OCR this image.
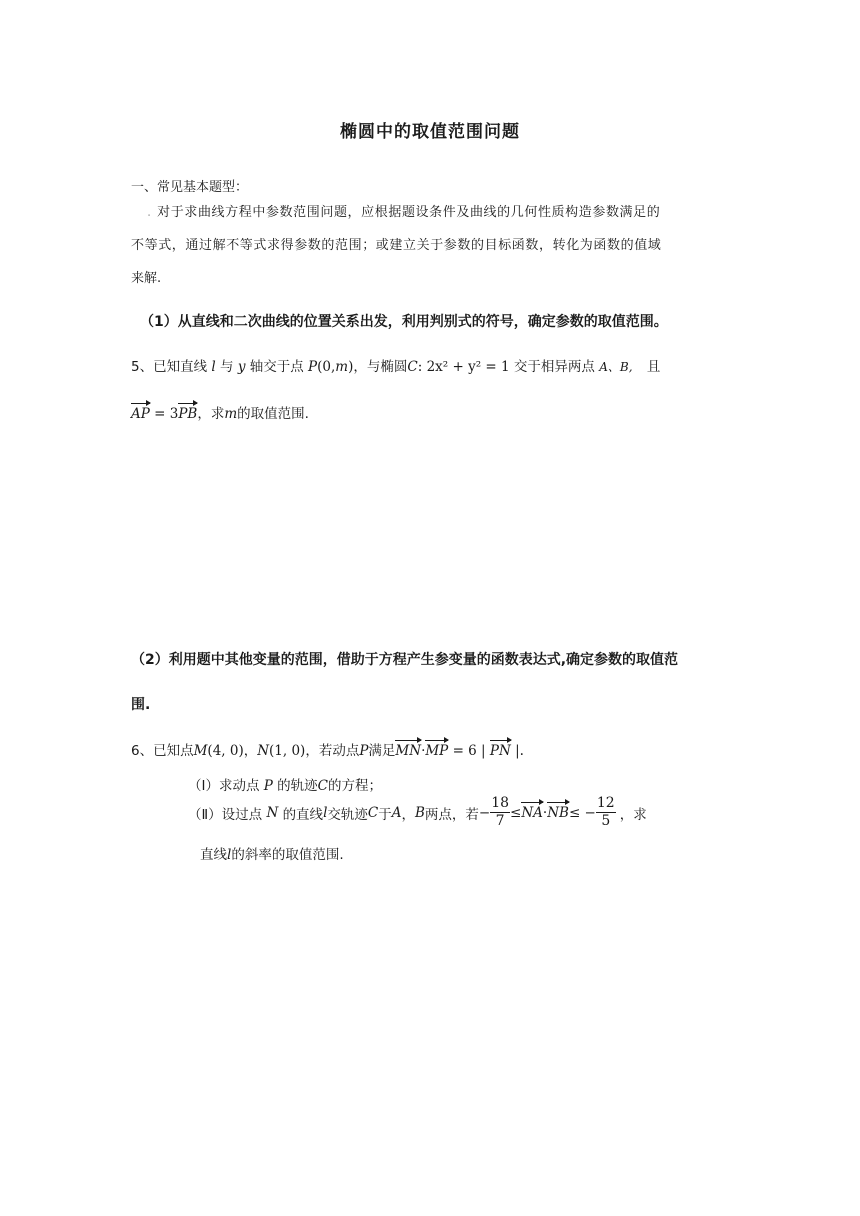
椭圆中的取值范围问题
一、常见基本题型：
. 对于求曲线方程中参数范围问题，应根据题设条件及曲线的几何性质构造参数满足的
不等式，通过解不等式求得参数的范围；或建立关于参数的目标函数，转化为函数的值域
来解.
（1）从直线和二次曲线的位置关系出发，利用判别式的符号，确定参数的取值范围。
5、已知直线 l 与 y 轴交于点 P(0,m)，与椭圆C: 2x² + y² = 1 交于相异两点 A、B, 且
AP = 3PB，求m的取值范围.
（2）利用题中其他变量的范围，借助于方程产生参变量的函数表达式,确定参数的取值范
围.
6、已知点M(4, 0)，N(1, 0)，若动点P满足MN·MP = 6 | PN |.
（Ⅰ）求动点 P 的轨迹C的方程；
（Ⅱ） 设过点
N
的直线 l 交轨迹 C 于 A ， B 两点，若 − $\frac{18}{7}$ ≤ NA · NB ≤ − $\frac{12}{5}$ ，求
直线l的斜率的取值范围.
